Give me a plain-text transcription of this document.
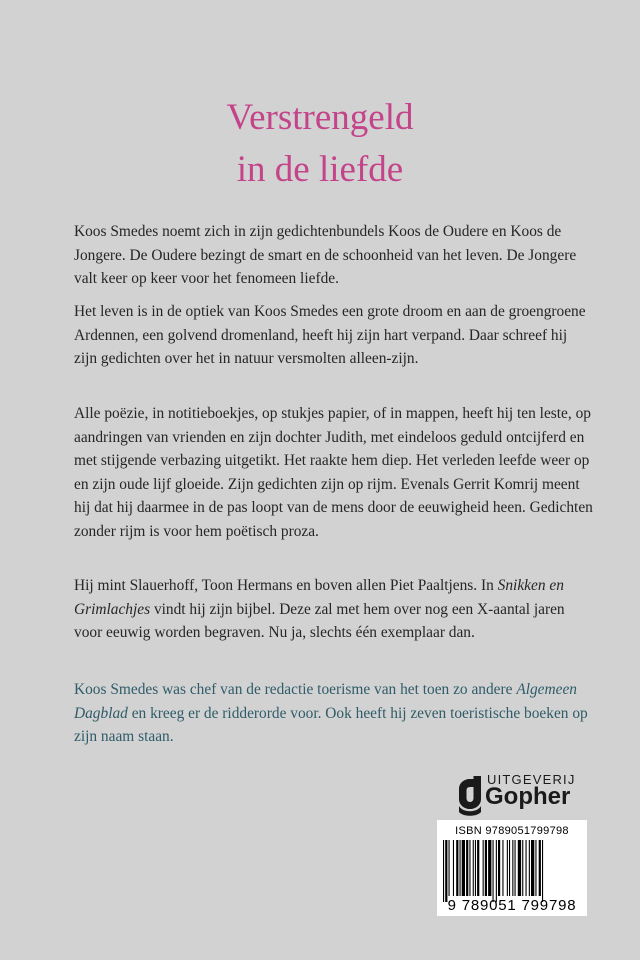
Verstrengeld
in de liefde

Koos Smedes noemt zich in zijn gedichtenbundels Koos de Oudere en Koos de Jongere. De Oudere bezingt de smart en de schoonheid van het leven. De Jongere valt keer op keer voor het fenomeen liefde.

Het leven is in de optiek van Koos Smedes een grote droom en aan de groengroene Ardennen, een golvend dromenland, heeft hij zijn hart verpand. Daar schreef hij zijn gedichten over het in natuur versmolten alleen-zijn.

Alle poëzie, in notitieboekjes, op stukjes papier, of in mappen, heeft hij ten leste, op aandringen van vrienden en zijn dochter Judith, met eindeloos geduld ontcijferd en met stijgende verbazing uitgetikt. Het raakte hem diep. Het verleden leefde weer op en zijn oude lijf gloeide. Zijn gedichten zijn op rijm. Evenals Gerrit Komrij meent hij dat hij daarmee in de pas loopt van de mens door de eeuwigheid heen. Gedichten zonder rijm is voor hem poëtisch proza.

Hij mint Slauerhoff, Toon Hermans en boven allen Piet Paaltjens. In Snikken en Grimlachjes vindt hij zijn bijbel. Deze zal met hem over nog een X-aantal jaren voor eeuwig worden begraven. Nu ja, slechts één exemplaar dan.

Koos Smedes was chef van de redactie toerisme van het toen zo andere Algemeen Dagblad en kreeg er de ridderorde voor. Ook heeft hij zeven toeristische boeken op zijn naam staan.

UITGEVERIJ
Gopher
ISBN 9789051799798
9 789051 799798
